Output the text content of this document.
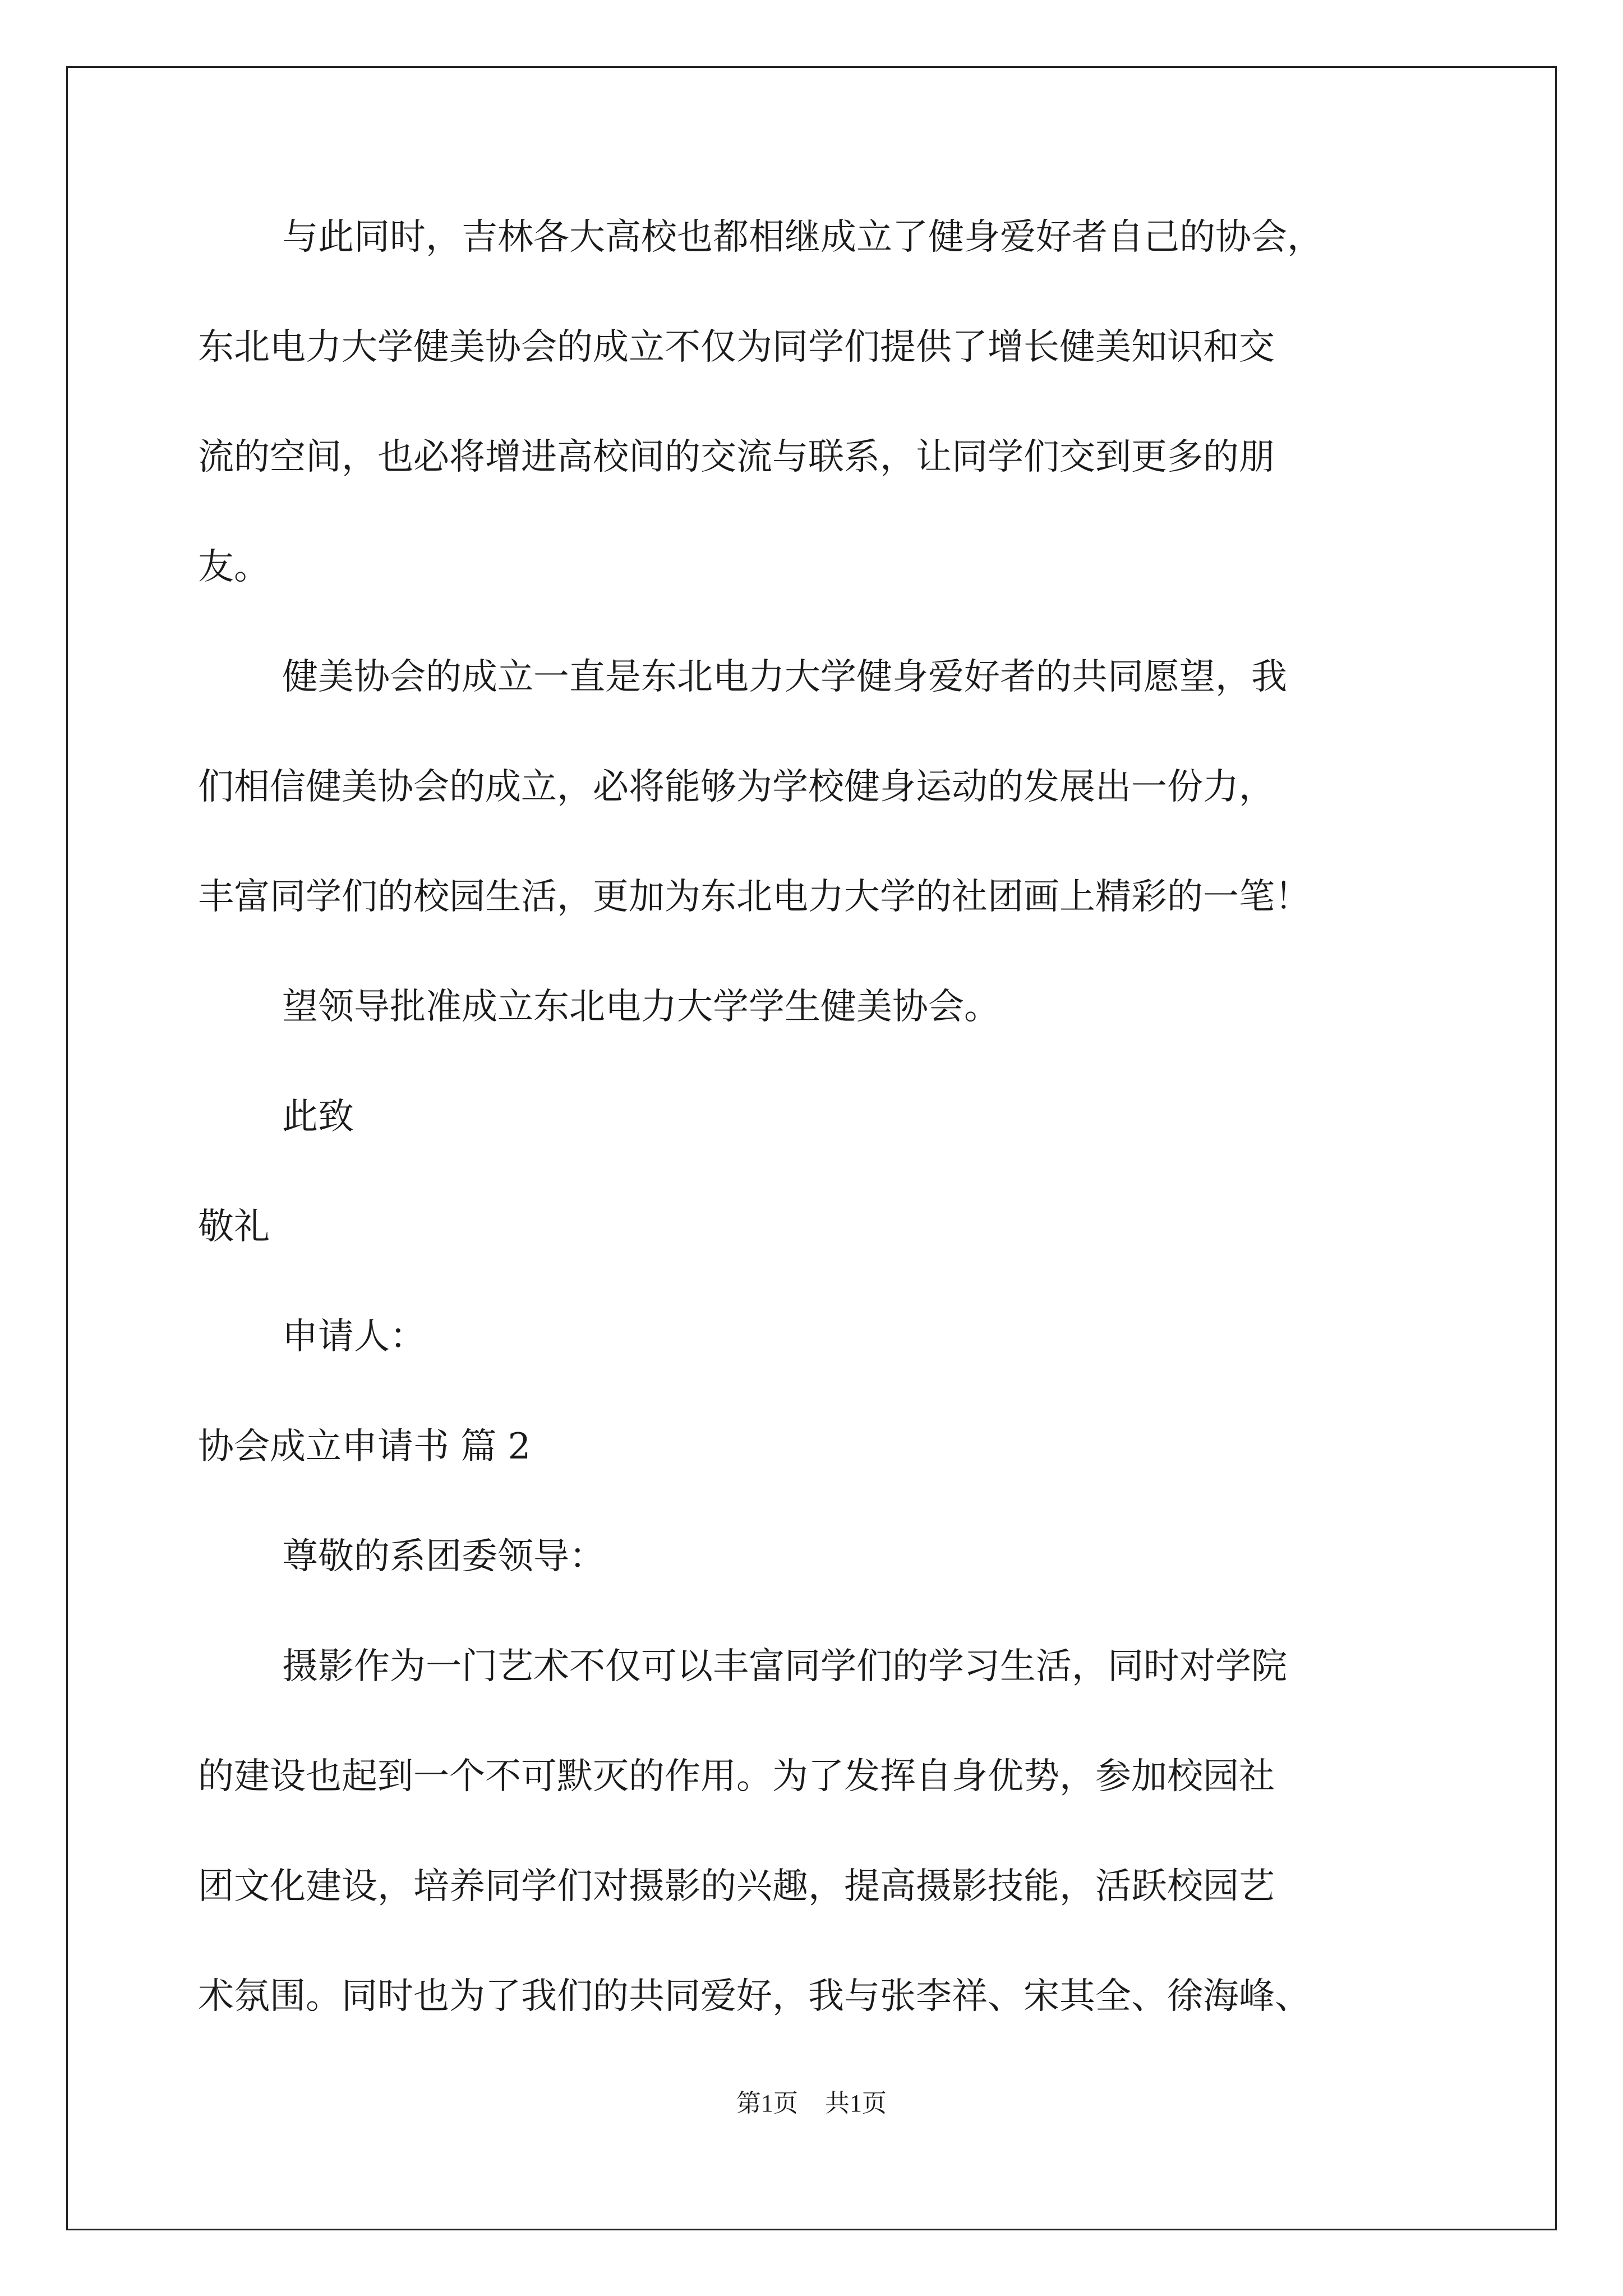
与此同时，吉林各大高校也都相继成立了健身爱好者自己的协会，

东北电力大学健美协会的成立不仅为同学们提供了增长健美知识和交

流的空间，也必将增进高校间的交流与联系，让同学们交到更多的朋

友。

健美协会的成立一直是东北电力大学健身爱好者的共同愿望，我

们相信健美协会的成立，必将能够为学校健身运动的发展出一份力，

丰富同学们的校园生活，更加为东北电力大学的社团画上精彩的一笔！

望领导批准成立东北电力大学学生健美协会。

此致

敬礼

申请人：

协会成立申请书 篇 2

尊敬的系团委领导：

摄影作为一门艺术不仅可以丰富同学们的学习生活，同时对学院

的建设也起到一个不可默灭的作用。为了发挥自身优势，参加校园社

团文化建设，培养同学们对摄影的兴趣，提高摄影技能，活跃校园艺

术氛围。同时也为了我们的共同爱好，我与张李祥、宋其全、徐海峰、

第1页 共1页
